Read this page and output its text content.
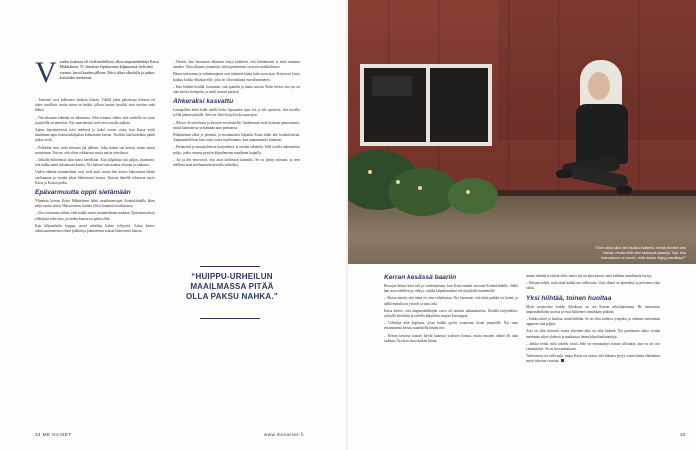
V uoden loukussa oli vielä merkillistä, alkaa ampumahiihtäjä Kaisa Mäkäräinen, 37, ilmoittaa lopettavansa kilpauransa vielä tänä vuonna, kertoi kauden jälkeen. Päivä alkaa ulkoilulla ja jatkuu kotitöiden merkeissä.

– Tunteeni ovat kulkeneet laidasta laitaan. Välillä jokin päiväsarja helottaa tai tekee tavallista, mutta sitten on hetkiä, jolloin tuntuu hyvältä, ettei tarvitse enää lähteä.

– Tiiä aikuinen elämäni on alkamassa. Olen tottunut siihen, että vuodella on rytmi ja päivillä on tarkoitus. Nyt saan miettiä, mitä teen omalla ajallani.

Ajatus lopettamisesta kävi mielessä jo kaksi vuotta sitten, kun Kaisa voitti maailmancupin kokonaiskilpailun kolmannen kerran. Tuolloin hän kuitenkin päätti jatkaa vielä.

– Pelkkään siitä, mitä minusta jää jälkeen. Joku toinen saa kertoa, miten minut muistetaan. Toivon, että olisin rohkaissut muita naisia urheilussa.

– Jatkolla hiihtämistä alan kausi kerrallaan. Kun kilpailuja tuli paljon, huomasin, että kaikki meni jaksamisen kautta. Nyt haluan vain nauttia olostani ja rauhasta.

Uuden elämän suunnitelmat ovat vielä auki, mutta hän kertoo haluavansa lähteä vaeltamaan ja viettää aikaa läheistensä kanssa. Kotona hänellä odottavat myös Kaisa ja Kaisan poika.

Epävarmuutta oppii sietämään

Ylimmän kerran Kaisa Mäkäräinen hiihti maailmancupin Kontiolahdella lähes neljä vuotta sitten. Hän muistaa, kuinka yleisö kannusti kotikisoissa.

– Ulos tottumaan siihen, ettei kaikki mene suunnitelmien mukaan. Epävarmuutta ja yllätyksiä tulee aina, ja niiden kanssa on pakko elää.

Kun kilpaurheilu loppuu, moni urheilija kokee tyhjyyttä. Kaisa kertoo valmistautuneensa siihen pitkään ja puhuneensa asiasta läheistensä kanssa.

– Havitti, kun huomasin alkaneen väsyä kaikkeen, että hiihtäminen ei enää tuntunut samalta. Olen alkanut ymmärtää, että lopettaminen on myös mahdollisuus.

Hänen tuttavansa ja valmentajansa ovat tukeneet häntä koko uran ajan. Erityisesti kiitos kuuluu Jarkko Siltakorvelle, joka on ollut mukana vuosikymmenen.

– Kun hiihdin kesällä, huomasin, että ajattelin jo muita asioita. Keho kertoi, että nyt on aika siirtyä eteenpäin, ja mieli seurasi perässä.

Ahkeraksi kasvattu

Lentopallon kehä kulki meillä koko lapsuuden ajan. Isä ja äiti opettivat, että kovalla työllä pääsee pitkälle. Siitä on ollut hyötyä koko uran ajan.

– Nikoni oli urheilussa ja kasvoin sen keskellä. Vanhemmat eivät koskaan painostaneet, mutta kannustivat yrittämään aina parhaansa.

Hiihtäminen alkoi jo pienenä, ja ensimmäiset kilpailut Kaisa hiihti alle kouluikäisenä. Ampumahiihtoon hän siirtyi vasta myöhemmin, kun ampumataito kiinnosti.

– Perinteistä ja nousujohteista harjoittelua, ei mitään oikoteitä. Sillä tavalla rakennettiin pohja, jonka varassa pystyin kilpailemaan maailman huipulla.

– Isä ja äiti neuvoivat, että asiat hoidetaan kunnolla. Se on jäänyt minuun, ja teen edelleen asiat mieluummin kerralla valmiiksi.

“HUIPPU-URHEILUN MAAILMASSA PITÄÄ OLLA PAKSU NAHKA.”
34 ME NAISET	www.menaiset.fi
”Olen aina ollut hiei hiukka ihailemi, minkä ihmiset sen halvat, mutta niitä olen lasturpia jaaanyt. Nyt, kun tulevaisuus on avoin, mitä minun täytyy tavoittaa?”
Kerran kesässä baariin

Rintojen kirkas kesä tuli jo vuodenaikaan, kun Kaisa muutti nuorena Kontiolahdelle. Siellä hän asuu edelleen ja viihtyy, vaikka kilpailumatkat veivät pitkälti maailmalle.

– Alussa mietin, että tämä on vain väliaikaista. Nyt huomaan, että tämä paikka on kotini, ja täällä minulla on ystävät ja tuttu arki.

Kaisa kertoo, että ampumahiihtäjän vuosi oli tarkasti aikataulutettu. Kesällä harjoiteltiin, syksyllä leireiltiin ja talvella kilpailtiin ympäri Eurooppaa.

– Urheilija elää kuplassa, jossa kaikki pyörii seuraavan kisan ympärillä. Nyt saan ensimmäistä kertaa suunnitella kesäni itse.

– Kerran kesässä saatoin käydä baarissa ystävien kanssa, mutta muuten elämä oli aika tarkkaa. Nyt aion ottaa kaiken kiinni.

muuta elämää ei oikein ollut, mutta nyt on aika katsoa, mitä kaikkea maailmasta löytyy.

– Haluan nähdä, mitä tämä kaikki tuo tullessaan. Uusi elämä on jännittävä ja pelottava yhtä aikaa.

Yksi hiihtää, toinen huoltaa

Myös avopuoliso Jarkko Siltakorpi on osa Kaisan urheilijatarinaa. He tutustuivat ampumahiihdon parissa ja ovat kulkeneet rinnakkain pitkään.

– Jarkko tukee ja huoltaa, minä hiihdän. Se on ollut toimiva työnjako, ja olemme molemmat oppineet siitä paljon.

Arki on ollut kiireistä, mutta yhteinen aika on ollut tärkeää. Nyt pariskunta aikoo viettää enemmän aikaa yhdessä ja matkustaa ilman kilpailuaikatauluja.

– Jarkko tietää, mitä urheilu vaatii. Hän on ymmärtänyt minua silloinkin, kun en ole itse ymmärtänyt. Se on korvaamatonta.

Tulevaisuus on vielä auki, mutta Kaisa on varma, että liikunta pysyy osana hänen elämäänsä myös tulevina vuosina.

35
